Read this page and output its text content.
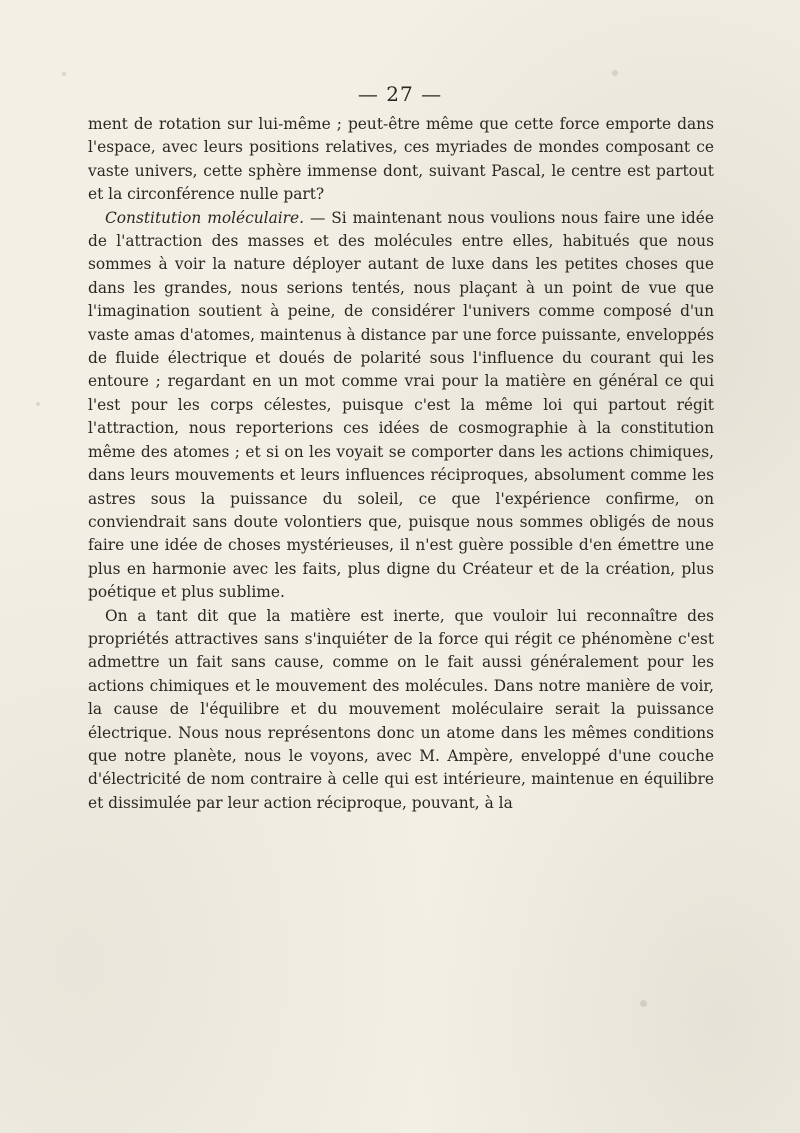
— 27 —

ment de rotation sur lui-même ; peut-être même que cette force emporte dans l'espace, avec leurs positions relatives, ces myriades de mondes composant ce vaste univers, cette sphère immense dont, suivant Pascal, le centre est partout et la circonférence nulle part?

Constitution moléculaire. — Si maintenant nous voulions nous faire une idée de l'attraction des masses et des molécules entre elles, habitués que nous sommes à voir la nature déployer autant de luxe dans les petites choses que dans les grandes, nous serions tentés, nous plaçant à un point de vue que l'imagination soutient à peine, de considérer l'univers comme composé d'un vaste amas d'atomes, maintenus à distance par une force puissante, enveloppés de fluide électrique et doués de polarité sous l'influence du courant qui les entoure ; regardant en un mot comme vrai pour la matière en général ce qui l'est pour les corps célestes, puisque c'est la même loi qui partout régit l'attraction, nous reporterions ces idées de cosmographie à la constitution même des atomes ; et si on les voyait se comporter dans les actions chimiques, dans leurs mouvements et leurs influences réciproques, absolument comme les astres sous la puissance du soleil, ce que l'expérience confirme, on conviendrait sans doute volontiers que, puisque nous sommes obligés de nous faire une idée de choses mystérieuses, il n'est guère possible d'en émettre une plus en harmonie avec les faits, plus digne du Créateur et de la création, plus poétique et plus sublime.

On a tant dit que la matière est inerte, que vouloir lui reconnaître des propriétés attractives sans s'inquiéter de la force qui régit ce phénomène c'est admettre un fait sans cause, comme on le fait aussi généralement pour les actions chimiques et le mouvement des molécules. Dans notre manière de voir, la cause de l'équilibre et du mouvement moléculaire serait la puissance électrique. Nous nous représentons donc un atome dans les mêmes conditions que notre planète, nous le voyons, avec M. Ampère, enveloppé d'une couche d'électricité de nom contraire à celle qui est intérieure, maintenue en équilibre et dissimulée par leur action réciproque, pouvant, à la
